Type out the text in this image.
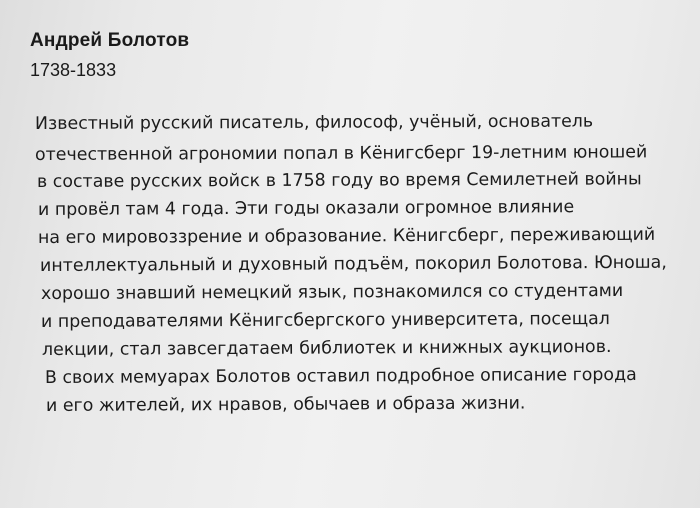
Андрей Болотов
1738-1833
Известный русский писатель, философ, учёный, основатель
отечественной агрономии попал в Кёнигсберг 19-летним юношей
в составе русских войск в 1758 году во время Семилетней войны
и провёл там 4 года. Эти годы оказали огромное влияние
на его мировоззрение и образование. Кёнигсберг, переживающий
интеллектуальный и духовный подъём, покорил Болотова. Юноша,
хорошо знавший немецкий язык, познакомился со студентами
и преподавателями Кёнигсбергского университета, посещал
лекции, стал завсегдатаем библиотек и книжных аукционов.
В своих мемуарах Болотов оставил подробное описание города
и его жителей, их нравов, обычаев и образа жизни.
